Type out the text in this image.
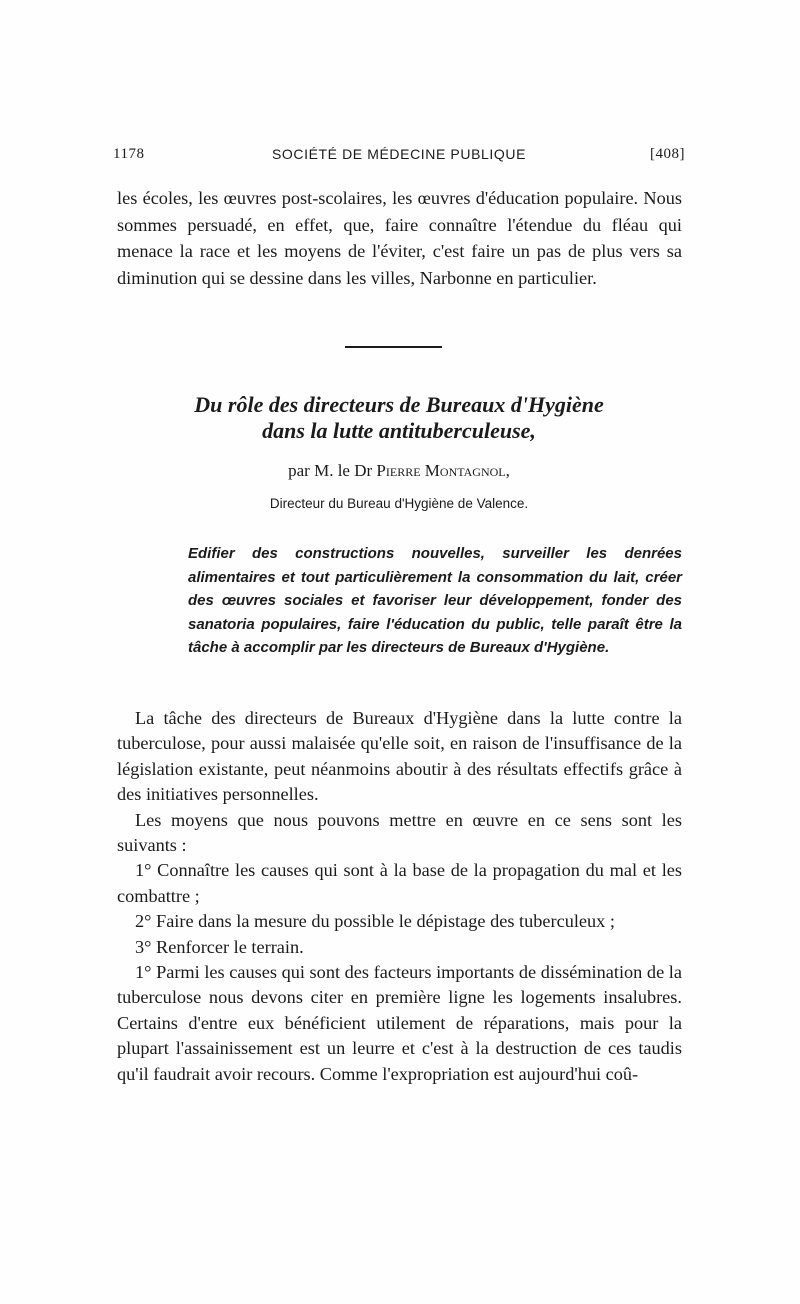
1178	SOCIÉTÉ DE MÉDECINE PUBLIQUE	[408]

les écoles, les œuvres post-scolaires, les œuvres d'éducation populaire. Nous sommes persuadé, en effet, que, faire connaître l'étendue du fléau qui menace la race et les moyens de l'éviter, c'est faire un pas de plus vers sa diminution qui se dessine dans les villes, Narbonne en particulier.

Du rôle des directeurs de Bureaux d'Hygiène
dans la lutte antituberculeuse,
par M. le Dr Pierre Montagnol,
Directeur du Bureau d'Hygiène de Valence.

Edifier des constructions nouvelles, surveiller les denrées alimentaires et tout particulièrement la consommation du lait, créer des œuvres sociales et favoriser leur développement, fonder des sanatoria populaires, faire l'éducation du public, telle paraît être la tâche à accomplir par les directeurs de Bureaux d'Hygiène.

La tâche des directeurs de Bureaux d'Hygiène dans la lutte contre la tuberculose, pour aussi malaisée qu'elle soit, en raison de l'insuffisance de la législation existante, peut néanmoins aboutir à des résultats effectifs grâce à des initiatives personnelles.

Les moyens que nous pouvons mettre en œuvre en ce sens sont les suivants :

1° Connaître les causes qui sont à la base de la propagation du mal et les combattre ;

2° Faire dans la mesure du possible le dépistage des tuberculeux ;

3° Renforcer le terrain.

1° Parmi les causes qui sont des facteurs importants de dissémination de la tuberculose nous devons citer en première ligne les logements insalubres. Certains d'entre eux bénéficient utilement de réparations, mais pour la plupart l'assainissement est un leurre et c'est à la destruction de ces taudis qu'il faudrait avoir recours. Comme l'expropriation est aujourd'hui coû-
